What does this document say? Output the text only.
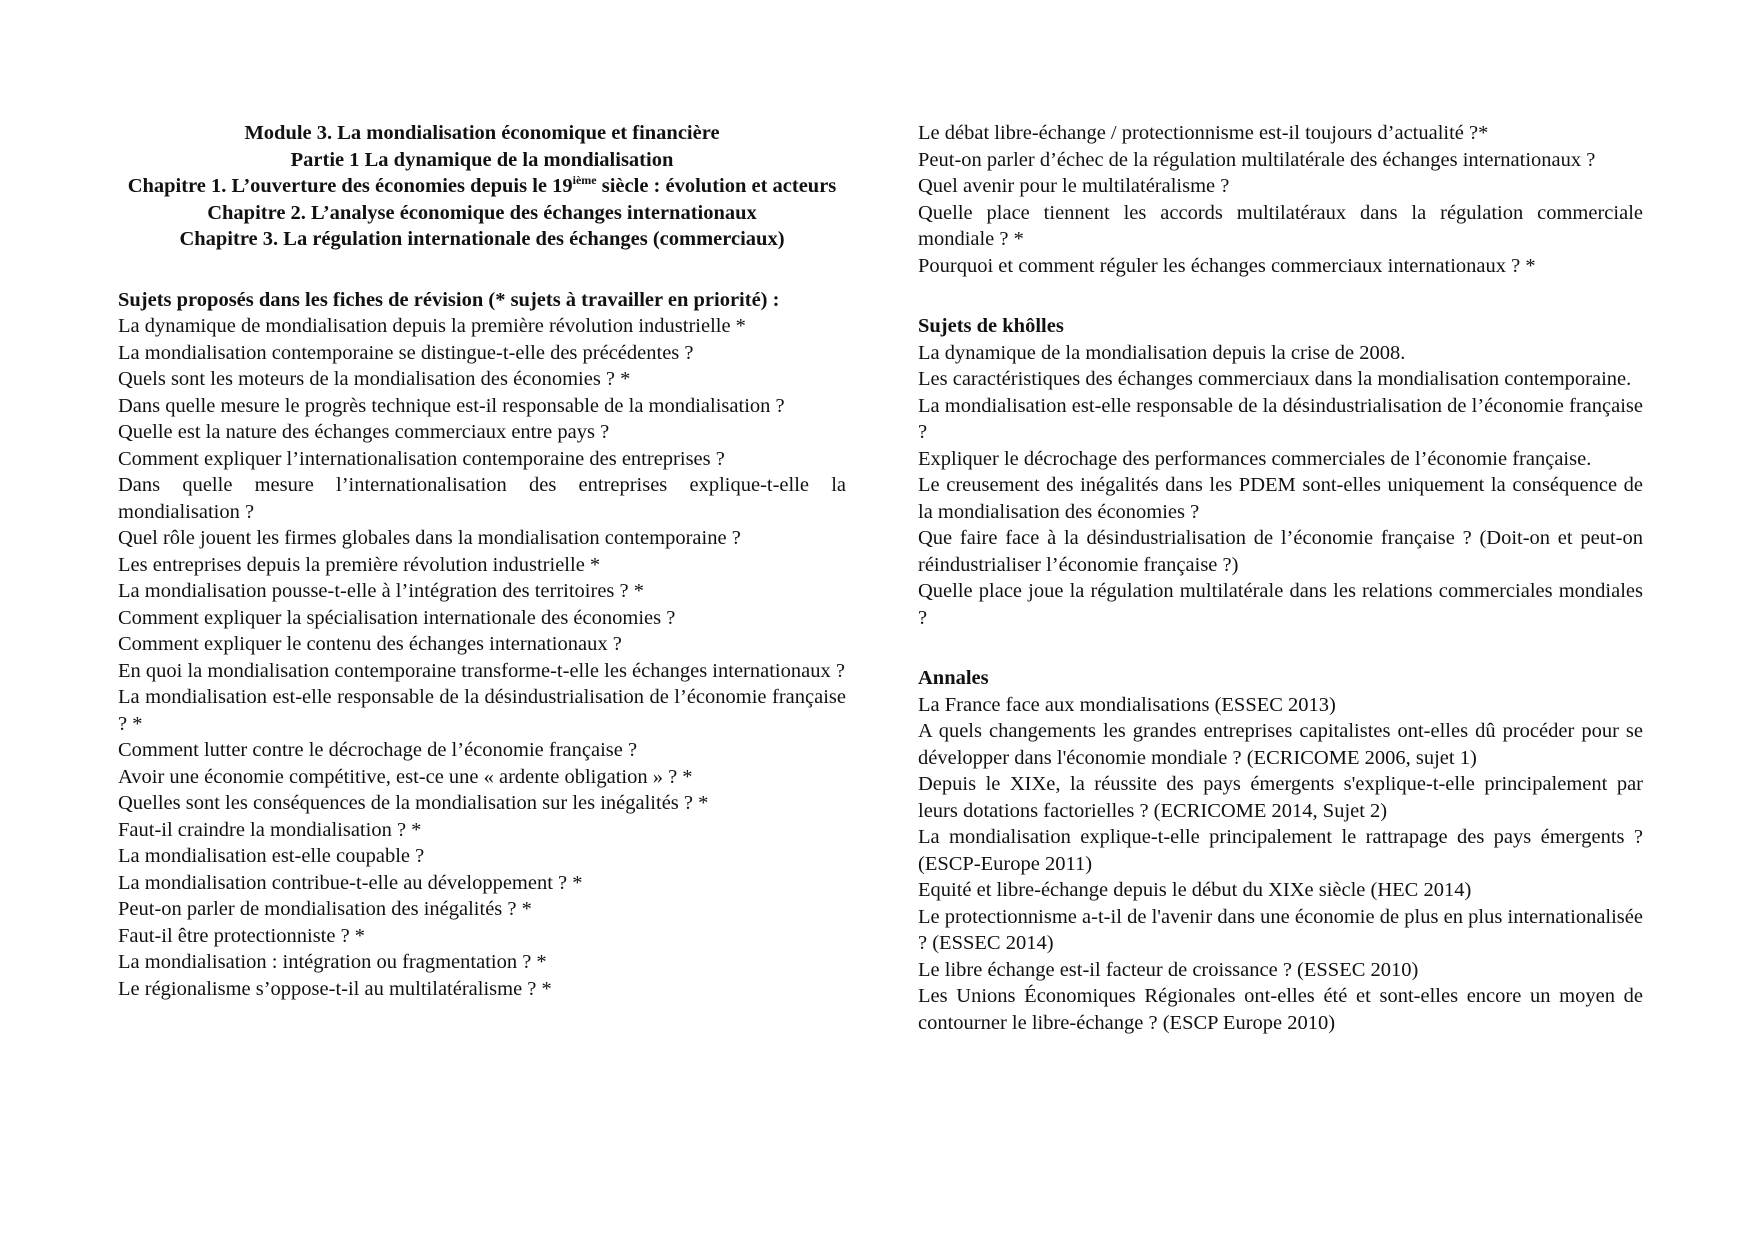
Module 3. La mondialisation économique et financière
Partie 1 La dynamique de la mondialisation
Chapitre 1. L’ouverture des économies depuis le 19ième siècle : évolution et acteurs
Chapitre 2. L’analyse économique des échanges internationaux
Chapitre 3. La régulation internationale des échanges (commerciaux)
Sujets proposés dans les fiches de révision (* sujets à travailler en priorité) :
La dynamique de mondialisation depuis la première révolution industrielle *
La mondialisation contemporaine se distingue-t-elle des précédentes ?
Quels sont les moteurs de la mondialisation des économies ? *
Dans quelle mesure le progrès technique est-il responsable de la mondialisation ?
Quelle est la nature des échanges commerciaux entre pays ?
Comment expliquer l’internationalisation contemporaine des entreprises ?
Dans quelle mesure l’internationalisation des entreprises explique-t-elle la mondialisation ?
Quel rôle jouent les firmes globales dans la mondialisation contemporaine ?
Les entreprises depuis la première révolution industrielle *
La mondialisation pousse-t-elle à l’intégration des territoires ? *
Comment expliquer la spécialisation internationale des économies ?
Comment expliquer le contenu des échanges internationaux ?
En quoi la mondialisation contemporaine transforme-t-elle les échanges internationaux ?
La mondialisation est-elle responsable de la désindustrialisation de l’économie française ? *
Comment lutter contre le décrochage de l’économie française ?
Avoir une économie compétitive, est-ce une « ardente obligation » ? *
Quelles sont les conséquences de la mondialisation sur les inégalités ? *
Faut-il craindre la mondialisation ? *
La mondialisation est-elle coupable ?
La mondialisation contribue-t-elle au développement ? *
Peut-on parler de mondialisation des inégalités ? *
Faut-il être protectionniste ? *
La mondialisation : intégration ou fragmentation ? *
Le régionalisme s’oppose-t-il au multilatéralisme ? *
Le débat libre-échange / protectionnisme est-il toujours d’actualité ?*
Peut-on parler d’échec de la régulation multilatérale des échanges internationaux ?
Quel avenir pour le multilatéralisme ?
Quelle place tiennent les accords multilatéraux dans la régulation commerciale mondiale ? *
Pourquoi et comment réguler les échanges commerciaux internationaux ? *
Sujets de khôlles
La dynamique de la mondialisation depuis la crise de 2008.
Les caractéristiques des échanges commerciaux dans la mondialisation contemporaine.
La mondialisation est-elle responsable de la désindustrialisation de l’économie française ?
Expliquer le décrochage des performances commerciales de l’économie française.
Le creusement des inégalités dans les PDEM sont-elles uniquement la conséquence de la mondialisation des économies ?
Que faire face à la désindustrialisation de l’économie française ? (Doit-on et peut-on réindustrialiser l’économie française ?)
Quelle place joue la régulation multilatérale dans les relations commerciales mondiales ?
Annales
La France face aux mondialisations (ESSEC 2013)
A quels changements les grandes entreprises capitalistes ont-elles dû procéder pour se développer dans l'économie mondiale ? (ECRICOME 2006, sujet 1)
Depuis le XIXe, la réussite des pays émergents s'explique-t-elle principalement par leurs dotations factorielles ? (ECRICOME 2014, Sujet 2)
La mondialisation explique-t-elle principalement le rattrapage des pays émergents ? (ESCP-Europe 2011)
Equité et libre-échange depuis le début du XIXe siècle (HEC 2014)
Le protectionnisme a-t-il de l'avenir dans une économie de plus en plus internationalisée ? (ESSEC 2014)
Le libre échange est-il facteur de croissance ? (ESSEC 2010)
Les Unions Économiques Régionales ont-elles été et sont-elles encore un moyen de contourner le libre-échange ? (ESCP Europe 2010)
